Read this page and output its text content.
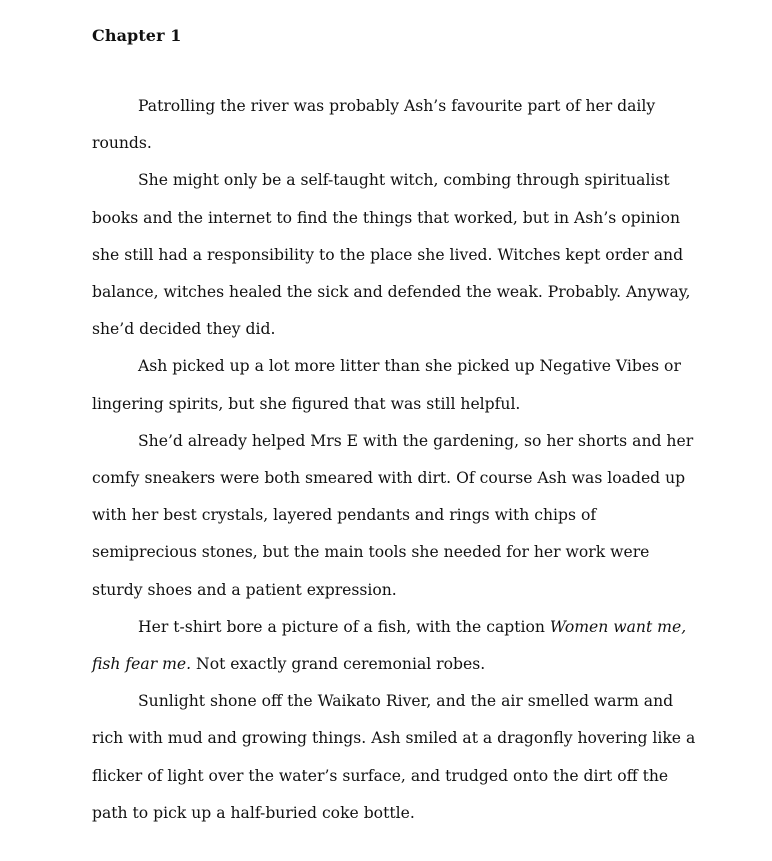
Chapter 1

Patrolling the river was probably Ash’s favourite part of her daily rounds.

She might only be a self-taught witch, combing through spiritualist books and the internet to find the things that worked, but in Ash’s opinion she still had a responsibility to the place she lived. Witches kept order and balance, witches healed the sick and defended the weak. Probably. Anyway, she’d decided they did.

Ash picked up a lot more litter than she picked up Negative Vibes or lingering spirits, but she figured that was still helpful.

She’d already helped Mrs E with the gardening, so her shorts and her comfy sneakers were both smeared with dirt. Of course Ash was loaded up with her best crystals, layered pendants and rings with chips of semiprecious stones, but the main tools she needed for her work were sturdy shoes and a patient expression.

Her t-shirt bore a picture of a fish, with the caption Women want me, fish fear me. Not exactly grand ceremonial robes.

Sunlight shone off the Waikato River, and the air smelled warm and rich with mud and growing things. Ash smiled at a dragonfly hovering like a flicker of light over the water’s surface, and trudged onto the dirt off the path to pick up a half-buried coke bottle.
